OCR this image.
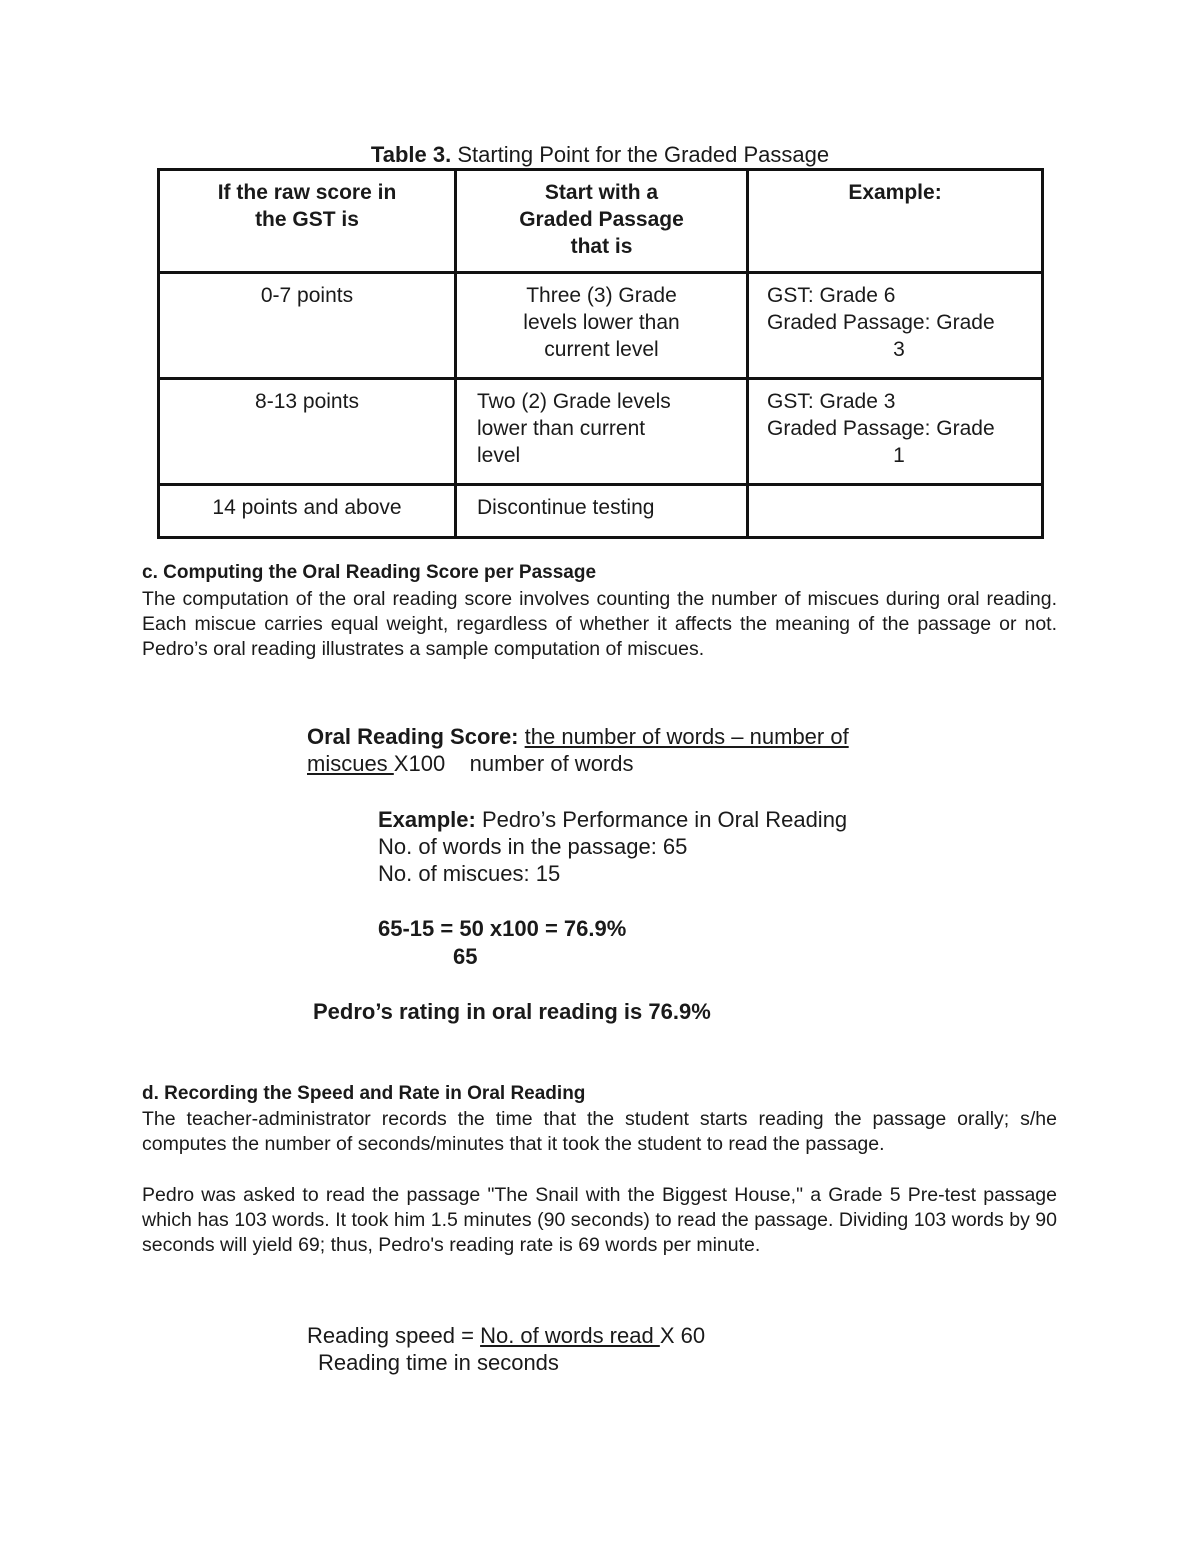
Table 3. Starting Point for the Graded Passage
If the raw score in the GST is	Start with a Graded Passage that is	Example:

0-7 points	Three (3) Grade levels lower than current level	GST: Grade 6
Graded Passage: Grade
3

8-13 points	Two (2) Grade levels lower than current level	GST: Grade 3
Graded Passage: Grade
1

14 points and above	Discontinue testing	

c. Computing the Oral Reading Score per Passage
The computation of the oral reading score involves counting the number of miscues during oral reading. Each miscue carries equal weight, regardless of whether it affects the meaning of the passage or not. Pedro’s oral reading illustrates a sample computation of miscues.
Oral Reading Score: the number of words – number of
miscues X100 number of words
Example: Pedro’s Performance in Oral Reading
No. of words in the passage: 65
No. of miscues: 15
65-15 = 50 x100 = 76.9%
65
Pedro’s rating in oral reading is 76.9%
d. Recording the Speed and Rate in Oral Reading
The teacher-administrator records the time that the student starts reading the passage orally; s/he computes the number of seconds/minutes that it took the student to read the passage.
Pedro was asked to read the passage "The Snail with the Biggest House," a Grade 5 Pre-test passage which has 103 words. It took him 1.5 minutes (90 seconds) to read the passage. Dividing 103 words by 90 seconds will yield 69; thus, Pedro's reading rate is 69 words per minute.
Reading speed = No. of words read X 60
Reading time in seconds
